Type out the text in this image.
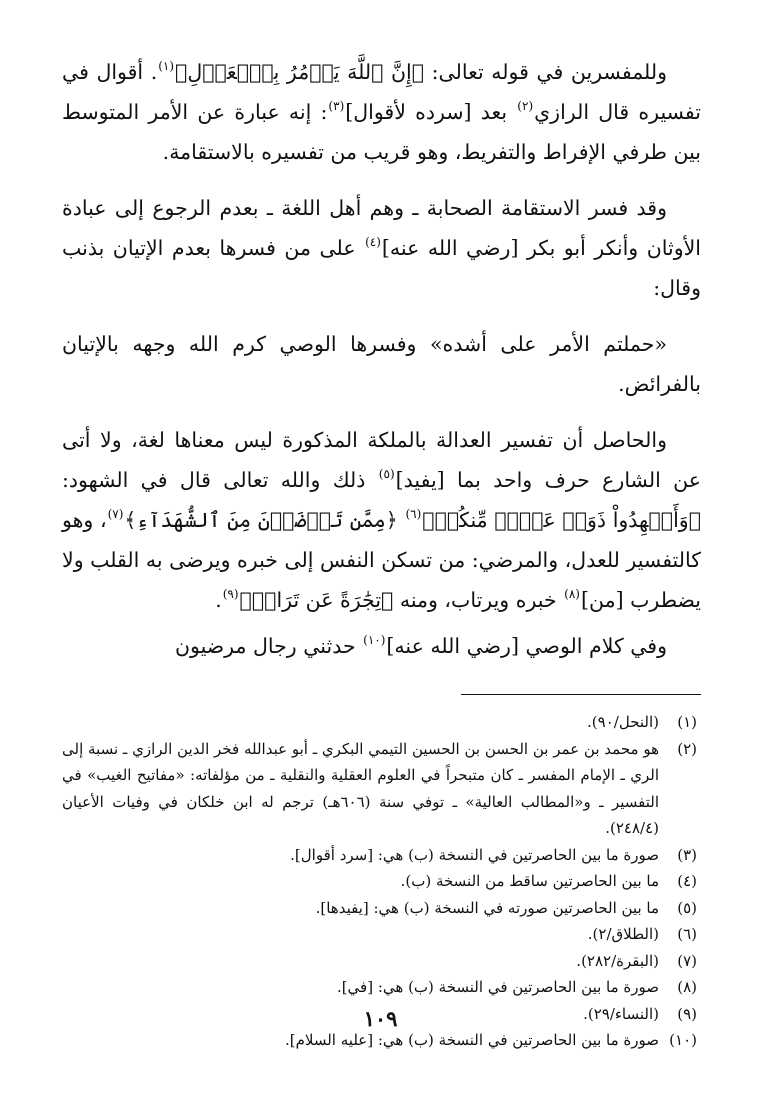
وللمفسرين في قوله تعالى: ﴿إِنَّ ٱللَّهَ يَأۡمُرُ بِٱلۡعَدۡلِ﴾$^{(١)}$. أقوال في تفسيره قال الرازي$^{(٢)}$ بعد [سرده لأقوال]$^{(٣)}$: إنه عبارة عن الأمر المتوسط بين طرفي الإفراط والتفريط، وهو قريب من تفسيره بالاستقامة.

وقد فسر الاستقامة الصحابة ـ وهم أهل اللغة ـ بعدم الرجوع إلى عبادة الأوثان وأنكر أبو بكر [رضي الله عنه]$^{(٤)}$ على من فسرها بعدم الإتيان بذنب وقال:

«حملتم الأمر على أشده» وفسرها الوصي كرم الله وجهه بالإتيان بالفرائض.

والحاصل أن تفسير العدالة بالملكة المذكورة ليس معناها لغة، ولا أتى عن الشارع حرف واحد بما [يفيد]$^{(٥)}$ ذلك والله تعالى قال في الشهود: ﴿وَأَشۡهِدُواْ ذَوَيۡ عَدۡلٖ مِّنكُمۡ﴾$^{(٦)}$ ﴿مِمَّن تَرۡضَوۡنَ مِنَ ٱلشُّهَدَآءِ﴾$^{(٧)}$، وهو كالتفسير للعدل، والمرضي: من تسكن النفس إلى خبره ويرضى به القلب ولا يضطرب [من]$^{(٨)}$ خبره ويرتاب، ومنه ﴿تِجَٰرَةً عَن تَرَاضٖ﴾$^{(٩)}$.

وفي كلام الوصي [رضي الله عنه]$^{(١٠)}$ حدثني رجال مرضيون

(١)
(النحل/٩٠).
(٢)
هو محمد بن عمر بن الحسن بن الحسين التيمي البكري ـ أبو عبدالله فخر الدين الرازي ـ نسبة إلى الري ـ الإمام المفسر ـ كان متبحراً في العلوم العقلية والنقلية ـ من مؤلفاته: «مفاتيح الغيب» في التفسير ـ و«المطالب العالية» ـ توفي سنة (٦٠٦هـ) ترجم له ابن خلكان في وفيات الأعيان (٢٤٨/٤).
(٣)
صورة ما بين الحاصرتين في النسخة (ب) هي: [سرد أقوال].
(٤)
ما بين الحاصرتين ساقط من النسخة (ب).
(٥)
ما بين الحاصرتين صورته في النسخة (ب) هي: [يفيدها].
(٦)
(الطلاق/٢).
(٧)
(البقرة/٢٨٢).
(٨)
صورة ما بين الحاصرتين في النسخة (ب) هي: [في].
(٩)
(النساء/٢٩).
(١٠)
صورة ما بين الحاصرتين في النسخة (ب) هي: [عليه السلام].
١٠٩
